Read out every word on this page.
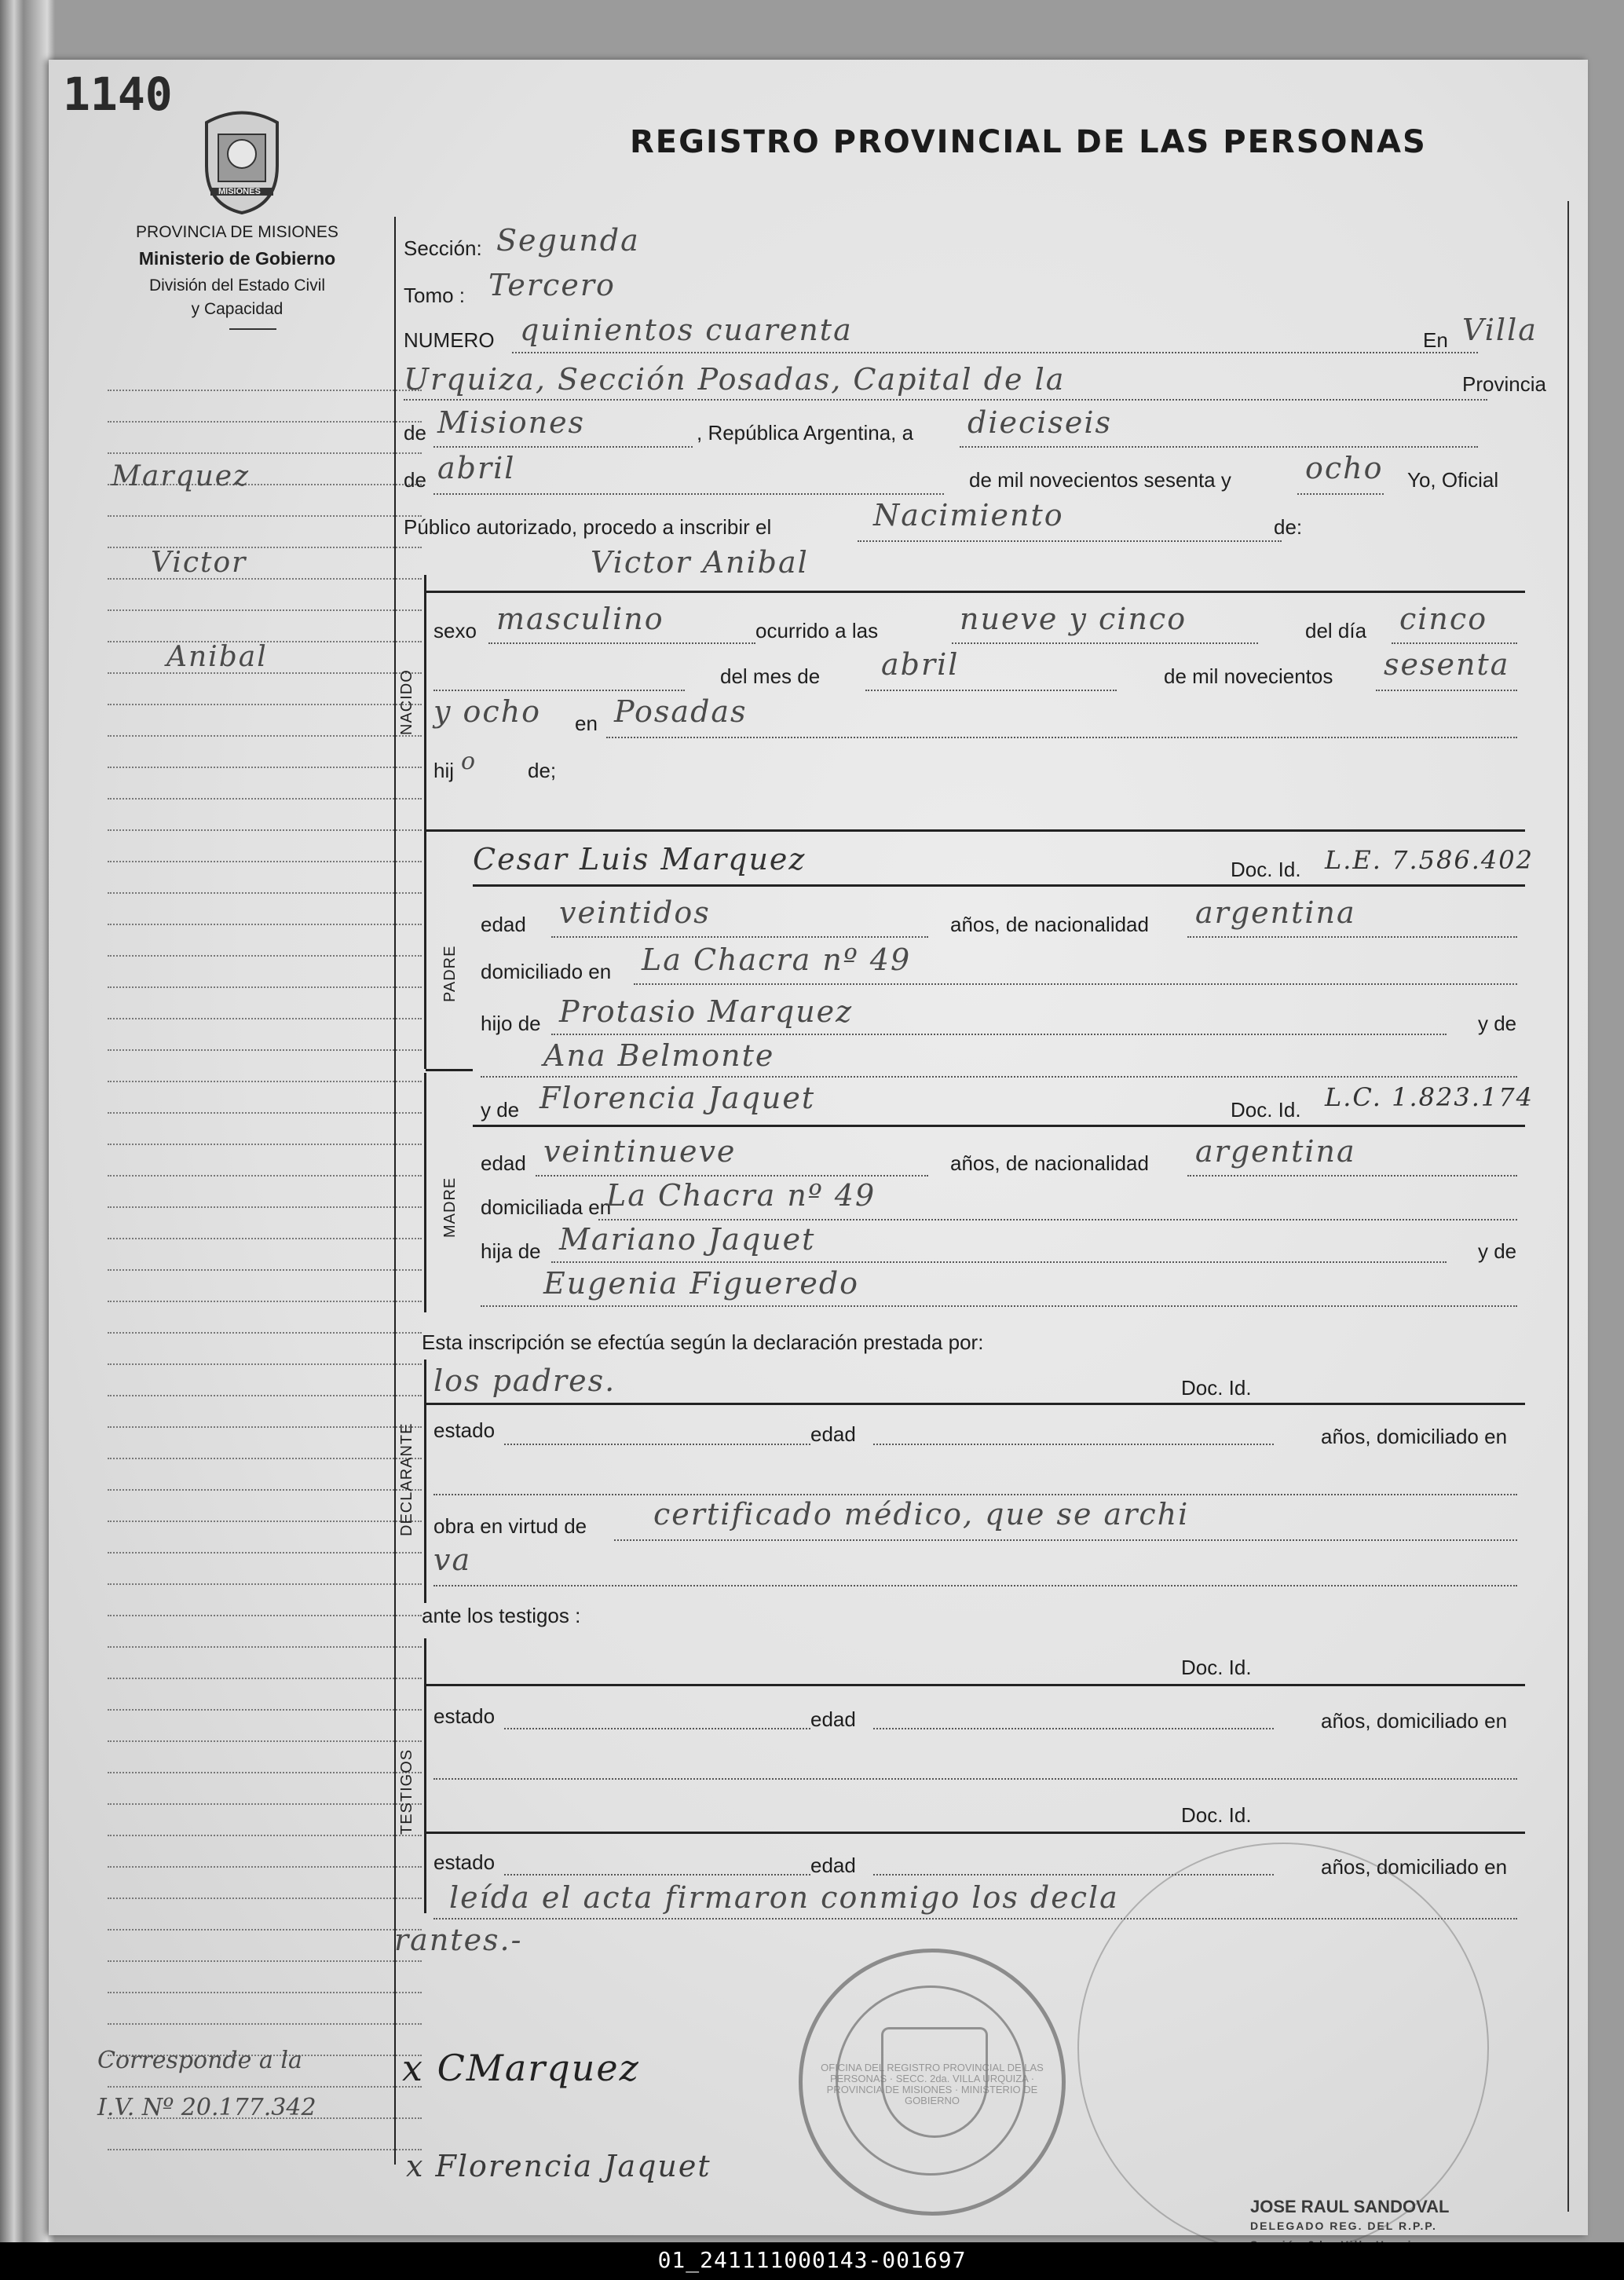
1140
MISIONES
PROVINCIA DE MISIONES
Ministerio de Gobierno
División del Estado Civil
y Capacidad
REGISTRO PROVINCIAL DE LAS PERSONAS
Marquez
Victor
Anibal
Corresponde a la
I.V. Nº 20.177.342
Sección: Segunda
Tomo : Tercero
NUMERO quinientos cuarenta	En Villa
Urquiza, Sección Posadas, Capital de la	Provincia
de Misiones	, República Argentina, a dieciseis
de abril	de mil novecientos sesenta y ocho Yo, Oficial
Público autorizado, procedo a inscribir el	Nacimiento	de:
NACIDO
Victor Anibal
sexo masculino	ocurrido a las	nueve y cinco	del día cinco
del mes de abril	de mil novecientos sesenta
y ocho en Posadas
hij o de;
PADRE
Cesar Luis Marquez	Doc. Id. L.E. 7.586.402
edad veintidos	años, de nacionalidad argentina
domiciliado en La Chacra nº 49
hijo de Protasio Marquez	y de
Ana Belmonte
MADRE
y de Florencia Jaquet	Doc. Id. L.C. 1.823.174
edad veintinueve	años, de nacionalidad argentina
domiciliada en
La Chacra nº 49
hija de Mariano Jaquet	y de
Eugenia Figueredo
Esta inscripción se efectúa según la declaración prestada por:
DECLARANTE
los padres.	Doc. Id.
estado	edad	años, domiciliado en
obra en virtud de certificado médico, que se archi
va
ante los testigos :
TESTIGOS
Doc. Id.
estado	edad	años, domiciliado en
Doc. Id.
estado	edad	años, domiciliado en
leída el acta firmaron conmigo los decla
rantes.-
OFICINA DEL REGISTRO PROVINCIAL DE LAS PERSONAS · SECC. 2da. VILLA URQUIZA · PROVINCIA DE MISIONES · MINISTERIO DE GOBIERNO
x CMarquez
x Florencia Jaquet
JOSE RAUL SANDOVAL
DELEGADO REG. DEL R.P.P.
01_241111000143-001697
